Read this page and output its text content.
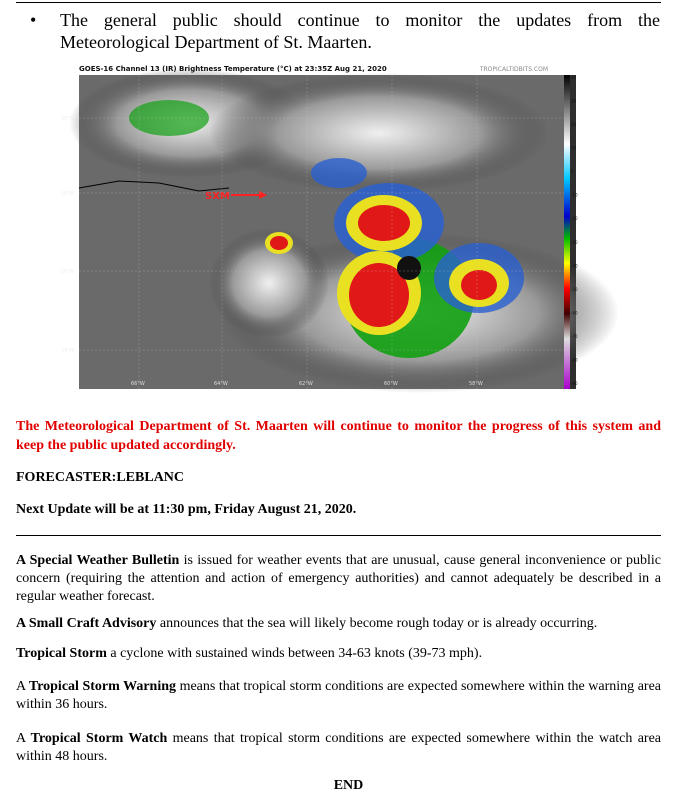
• The general public should continue to monitor the updates from the Meteorological Department of St. Maarten.
SXM
20°N
18°N
16°N
14°N
66°W	64°W	62°W	60°W	58°W
40
30
20
10
0
-10
-20
-30
-40
-50
-60
-70
-80
-90
GOES-16 Channel 13 (IR) Brightness Temperature (°C) at 23:35Z Aug 21, 2020	TROPICALTIDBITS.COM
The Meteorological Department of St. Maarten will continue to monitor the progress of this system and keep the public updated accordingly.
FORECASTER:LEBLANC
Next Update will be at 11:30 pm, Friday August 21, 2020.
A Special Weather Bulletin is issued for weather events that are unusual, cause general inconvenience or public concern (requiring the attention and action of emergency authorities) and cannot adequately be described in a regular weather forecast.
A Small Craft Advisory announces that the sea will likely become rough today or is already occurring.
Tropical Storm a cyclone with sustained winds between 34-63 knots (39-73 mph).
A Tropical Storm Warning means that tropical storm conditions are expected somewhere within the warning area within 36 hours.
A Tropical Storm Watch means that tropical storm conditions are expected somewhere within the watch area within 48 hours.
END
